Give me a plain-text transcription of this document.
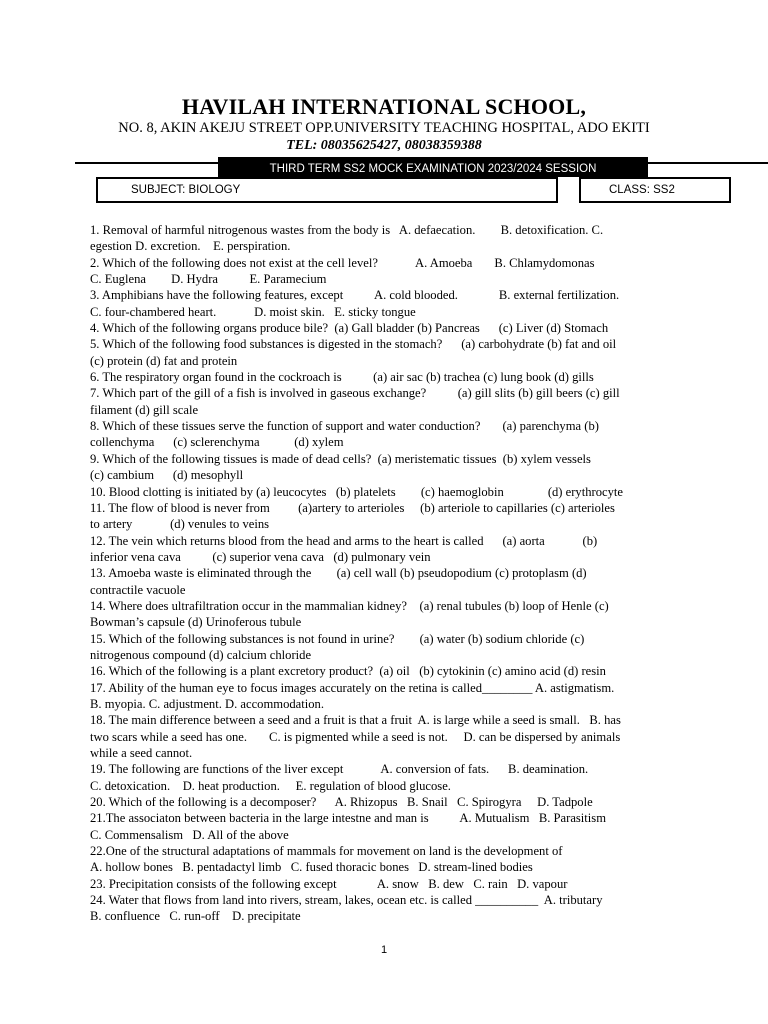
HAVILAH INTERNATIONAL SCHOOL,
NO. 8, AKIN AKEJU STREET OPP.UNIVERSITY TEACHING HOSPITAL, ADO EKITI
TEL: 08035625427, 08038359388
THIRD TERM SS2 MOCK EXAMINATION 2023/2024 SESSION
SUBJECT: BIOLOGY	CLASS: SS2

1. Removal of harmful nitrogenous wastes from the body is   A. defaecation.        B. detoxification. C.

egestion D. excretion.    E. perspiration.

2. Which of the following does not exist at the cell level?            A. Amoeba       B. Chlamydomonas

C. Euglena        D. Hydra          E. Paramecium

3. Amphibians have the following features, except          A. cold blooded.             B. external fertilization.

C. four-chambered heart.            D. moist skin.   E. sticky tongue

4. Which of the following organs produce bile?  (a) Gall bladder (b) Pancreas      (c) Liver (d) Stomach

5. Which of the following food substances is digested in the stomach?      (a) carbohydrate (b) fat and oil

(c) protein (d) fat and protein

6. The respiratory organ found in the cockroach is          (a) air sac (b) trachea (c) lung book (d) gills

7. Which part of the gill of a fish is involved in gaseous exchange?          (a) gill slits (b) gill beers (c) gill

filament (d) gill scale

8. Which of these tissues serve the function of support and water conduction?       (a) parenchyma (b)

collenchyma      (c) sclerenchyma           (d) xylem

9. Which of the following tissues is made of dead cells?  (a) meristematic tissues  (b) xylem vessels

(c) cambium      (d) mesophyll

10. Blood clotting is initiated by (a) leucocytes   (b) platelets        (c) haemoglobin              (d) erythrocyte

11. The flow of blood is never from         (a)artery to arterioles     (b) arteriole to capillaries (c) arterioles

to artery            (d) venules to veins

12. The vein which returns blood from the head and arms to the heart is called      (a) aorta            (b)

inferior vena cava          (c) superior vena cava   (d) pulmonary vein

13. Amoeba waste is eliminated through the        (a) cell wall (b) pseudopodium (c) protoplasm (d)

contractile vacuole

14. Where does ultrafiltration occur in the mammalian kidney?    (a) renal tubules (b) loop of Henle (c)

Bowman’s capsule (d) Urinoferous tubule

15. Which of the following substances is not found in urine?        (a) water (b) sodium chloride (c)

nitrogenous compound (d) calcium chloride

16. Which of the following is a plant excretory product?  (a) oil   (b) cytokinin (c) amino acid (d) resin

17. Ability of the human eye to focus images accurately on the retina is called________ A. astigmatism.

B. myopia. C. adjustment. D. accommodation.

18. The main difference between a seed and a fruit is that a fruit  A. is large while a seed is small.   B. has

two scars while a seed has one.       C. is pigmented while a seed is not.     D. can be dispersed by animals

while a seed cannot.

19. The following are functions of the liver except            A. conversion of fats.      B. deamination.

C. detoxication.    D. heat production.     E. regulation of blood glucose.

20. Which of the following is a decomposer?      A. Rhizopus   B. Snail   C. Spirogyra     D. Tadpole

21.The associaton between bacteria in the large intestne and man is          A. Mutualism   B. Parasitism

C. Commensalism   D. All of the above

22.One of the structural adaptations of mammals for movement on land is the development of

A. hollow bones   B. pentadactyl limb   C. fused thoracic bones   D. stream-lined bodies

23. Precipitation consists of the following except             A. snow   B. dew   C. rain   D. vapour

24. Water that flows from land into rivers, stream, lakes, ocean etc. is called __________  A. tributary

B. confluence   C. run-off    D. precipitate

1
